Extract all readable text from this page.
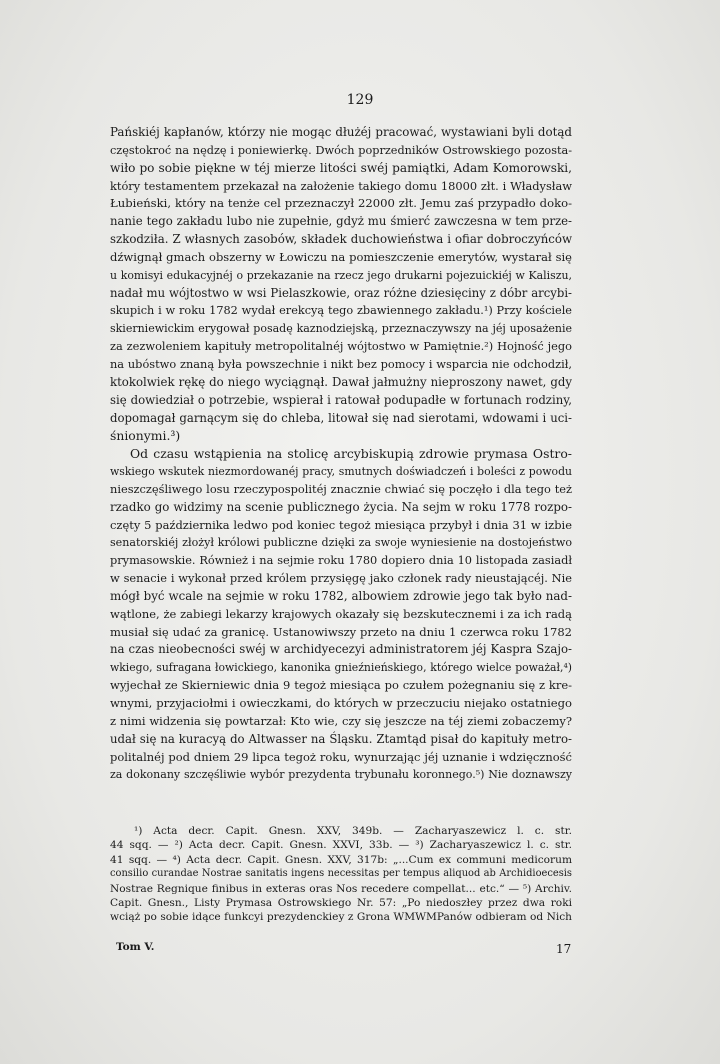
129
Pańskiéj kapłanów, którzy nie mogąc dłużéj pracować, wystawiani byli dotąd
częstokroć na nędzę i poniewierkę. Dwóch poprzedników Ostrowskiego pozosta-
wiło po sobie piękne w téj mierze litości swéj pamiątki, Adam Komorowski,
który testamentem przekazał na założenie takiego domu 18000 złt. i Władysław
Łubieński, który na tenże cel przeznaczył 22000 złt. Jemu zaś przypadło doko-
nanie tego zakładu lubo nie zupełnie, gdyż mu śmierć zawczesna w tem prze-
szkodziła. Z własnych zasobów, składek duchowieństwa i ofiar dobroczyńców
dźwignął gmach obszerny w Łowiczu na pomieszczenie emerytów, wystarał się
u komisyi edukacyjnéj o przekazanie na rzecz jego drukarni pojezuickiéj w Kaliszu,
nadał mu wójtostwo w wsi Pielaszkowie, oraz różne dziesięciny z dóbr arcybi-
skupich i w roku 1782 wydał erekcyą tego zbawiennego zakładu.¹) Przy kościele
skierniewickim erygował posadę kaznodziejską, przeznaczywszy na jéj uposażenie
za zezwoleniem kapituły metropolitalnéj wójtostwo w Pamiętnie.²) Hojność jego
na ubóstwo znaną była powszechnie i nikt bez pomocy i wsparcia nie odchodził,
ktokolwiek rękę do niego wyciągnął. Dawał jałmużny nieproszony nawet, gdy
się dowiedział o potrzebie, wspierał i ratował podupadłe w fortunach rodziny,
dopomagał garnącym się do chleba, litował się nad sierotami, wdowami i uci-
śnionymi.³)
Od czasu wstąpienia na stolicę arcybiskupią zdrowie prymasa Ostro-
wskiego wskutek niezmordowanéj pracy, smutnych doświadczeń i boleści z powodu
nieszczęśliwego losu rzeczypospolitéj znacznie chwiać się poczęło i dla tego też
rzadko go widzimy na scenie publicznego życia. Na sejm w roku 1778 rozpo-
częty 5 października ledwo pod koniec tegoż miesiąca przybył i dnia 31 w izbie
senatorskiéj złożył królowi publiczne dzięki za swoje wyniesienie na dostojeństwo
prymasowskie. Również i na sejmie roku 1780 dopiero dnia 10 listopada zasiadł
w senacie i wykonał przed królem przysięgę jako członek rady nieustającéj. Nie
mógł być wcale na sejmie w roku 1782, albowiem zdrowie jego tak było nad-
wątlone, że zabiegi lekarzy krajowych okazały się bezskutecznemi i za ich radą
musiał się udać za granicę. Ustanowiwszy przeto na dniu 1 czerwca roku 1782
na czas nieobecności swéj w archidyecezyi administratorem jéj Kaspra Szajo-
wkiego, sufragana łowickiego, kanonika gnieźnieńskiego, którego wielce poważał,⁴)
wyjechał ze Skierniewic dnia 9 tegoż miesiąca po czułem pożegnaniu się z kre-
wnymi, przyjaciołmi i owieczkami, do których w przeczuciu niejako ostatniego
z nimi widzenia się powtarzał: Kto wie, czy się jeszcze na téj ziemi zobaczemy?
udał się na kuracyą do Altwasser na Śląsku. Ztamtąd pisał do kapituły metro-
politalnéj pod dniem 29 lipca tegoż roku, wynurzając jéj uznanie i wdzięczność
za dokonany szczęśliwie wybór prezydenta trybunału koronnego.⁵) Nie doznawszy
¹) Acta decr. Capit. Gnesn. XXV, 349b. — Zacharyaszewicz l. c. str.
44 sqq. — ²) Acta decr. Capit. Gnesn. XXVI, 33b. — ³) Zacharyaszewicz l. c. str.
41 sqq. — ⁴) Acta decr. Capit. Gnesn. XXV, 317b: „...Cum ex communi medicorum
consilio curandae Nostrae sanitatis ingens necessitas per tempus aliquod ab Archidioecesis
Nostrae Regnique finibus in exteras oras Nos recedere compellat... etc.“ — ⁵) Archiv.
Capit. Gnesn., Listy Prymasa Ostrowskiego Nr. 57: „Po niedoszłey przez dwa roki
wciąż po sobie idące funkcyi prezydenckiey z Grona WMWMPanów odbieram od Nich
Tom V.	17
